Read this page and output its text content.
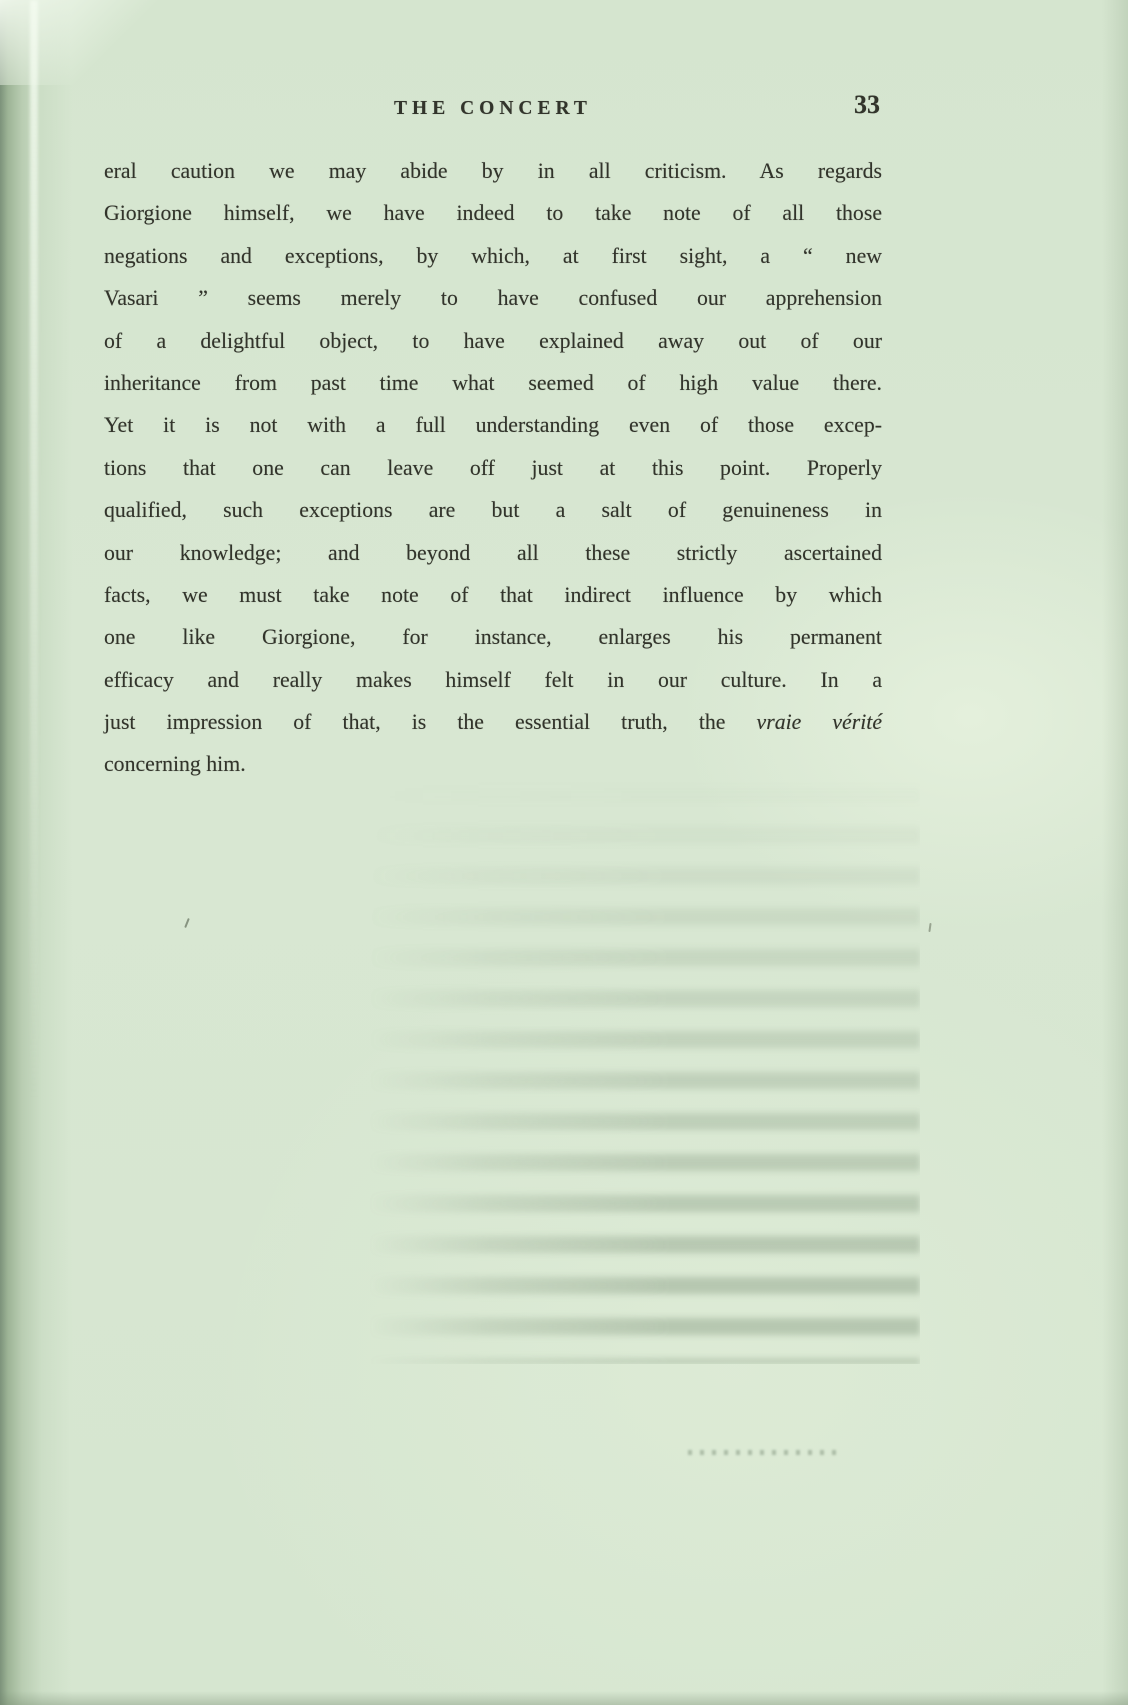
THE CONCERT	33
eral caution we may abide by in all criticism. As regards
Giorgione himself, we have indeed to take note of all those
negations and exceptions, by which, at first sight, a “ new
Vasari ” seems merely to have confused our apprehension
of a delightful object, to have explained away out of our
inheritance from past time what seemed of high value there.
Yet it is not with a full understanding even of those excep-
tions that one can leave off just at this point. Properly
qualified, such exceptions are but a salt of genuineness in
our knowledge; and beyond all these strictly ascertained
facts, we must take note of that indirect influence by which
one like Giorgione, for instance, enlarges his permanent
efficacy and really makes himself felt in our culture. In a
just impression of that, is the essential truth, the vraie vérité
concerning him.
